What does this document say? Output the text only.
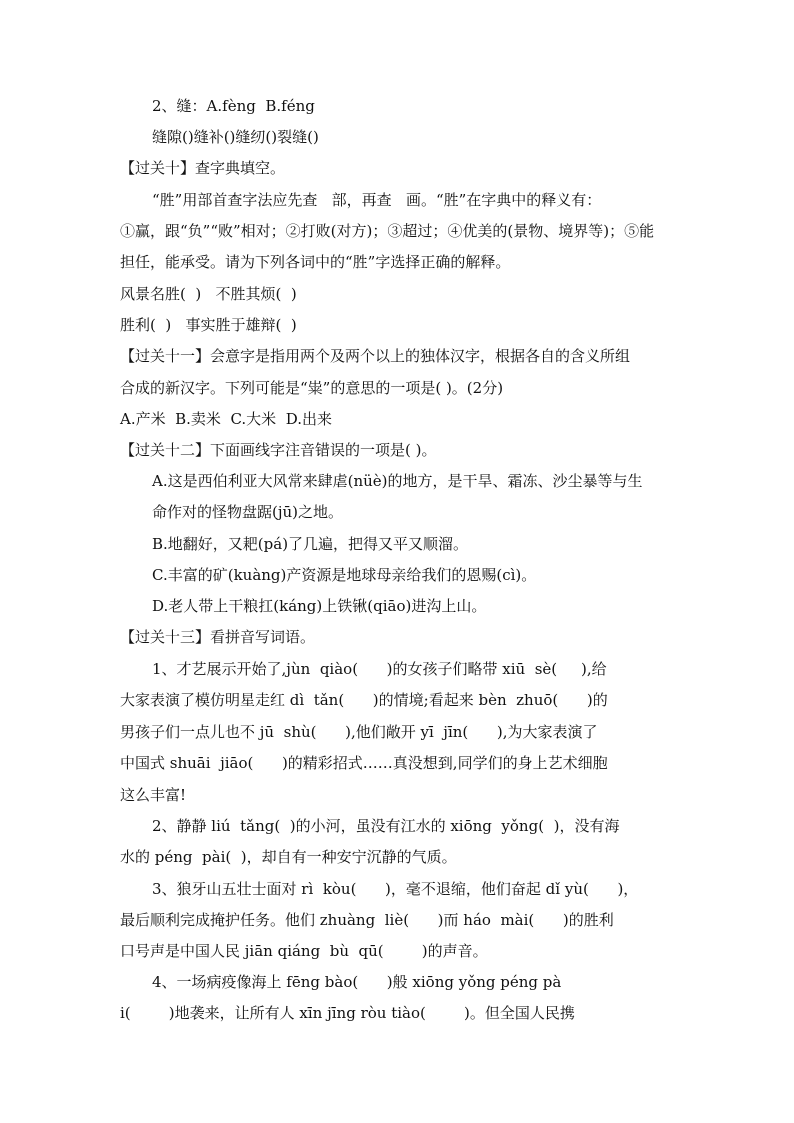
2、缝：A.fèng  B.féng
缝隙()缝补()缝纫()裂缝()
【过关十】查字典填空。
“胜”用部首查字法应先查   部，再查   画。“胜”在字典中的释义有：
①赢，跟“负”“败”相对；②打败(对方)；③超过；④优美的(景物、境界等)；⑤能
担任，能承受。请为下列各词中的“胜”字选择正确的解释。
风景名胜(  )   不胜其烦(  )
胜利(  )   事实胜于雄辩(  )
【过关十一】会意字是指用两个及两个以上的独体汉字，根据各自的含义所组
合成的新汉字。下列可能是“粜”的意思的一项是( )。(2分)
A.产米  B.卖米  C.大米  D.出来
【过关十二】下面画线字注音错误的一项是( )。
A.这是西伯利亚大风常来肆虐(nüè)的地方，是干旱、霜冻、沙尘暴等与生
命作对的怪物盘踞(jū)之地。
B.地翻好，又耙(pá)了几遍，把得又平又顺溜。
C.丰富的矿(kuàng)产资源是地球母亲给我们的恩赐(cì)。
D.老人带上干粮扛(káng)上铁锹(qiāo)进沟上山。
【过关十三】看拼音写词语。
1、才艺展示开始了,jùn  qiào(      )的女孩子们略带 xiū  sè(     ),给
大家表演了模仿明星走红 dì  tǎn(      )的情境;看起来 bèn  zhuō(      )的
男孩子们一点儿也不 jū  shù(      ),他们敞开 yī  jīn(      ),为大家表演了
中国式 shuāi  jiāo(      )的精彩招式……真没想到,同学们的身上艺术细胞
这么丰富!
2、静静 liú  tǎng(  )的小河，虽没有江水的 xiōng  yǒng(  )，没有海
水的 péng  pài(  )，却自有一种安宁沉静的气质。
3、狼牙山五壮士面对 rì  kòu(      )，毫不退缩，他们奋起 dǐ yù(      )，
最后顺利完成掩护任务。他们 zhuàng  liè(      )而 háo  mài(      )的胜利
口号声是中国人民 jiān qiáng  bù  qū(        )的声音。
4、一场病疫像海上 fēng bào(      )般 xiōng yǒng péng pà
i(        )地袭来，让所有人 xīn jīng ròu tiào(        )。但全国人民携
